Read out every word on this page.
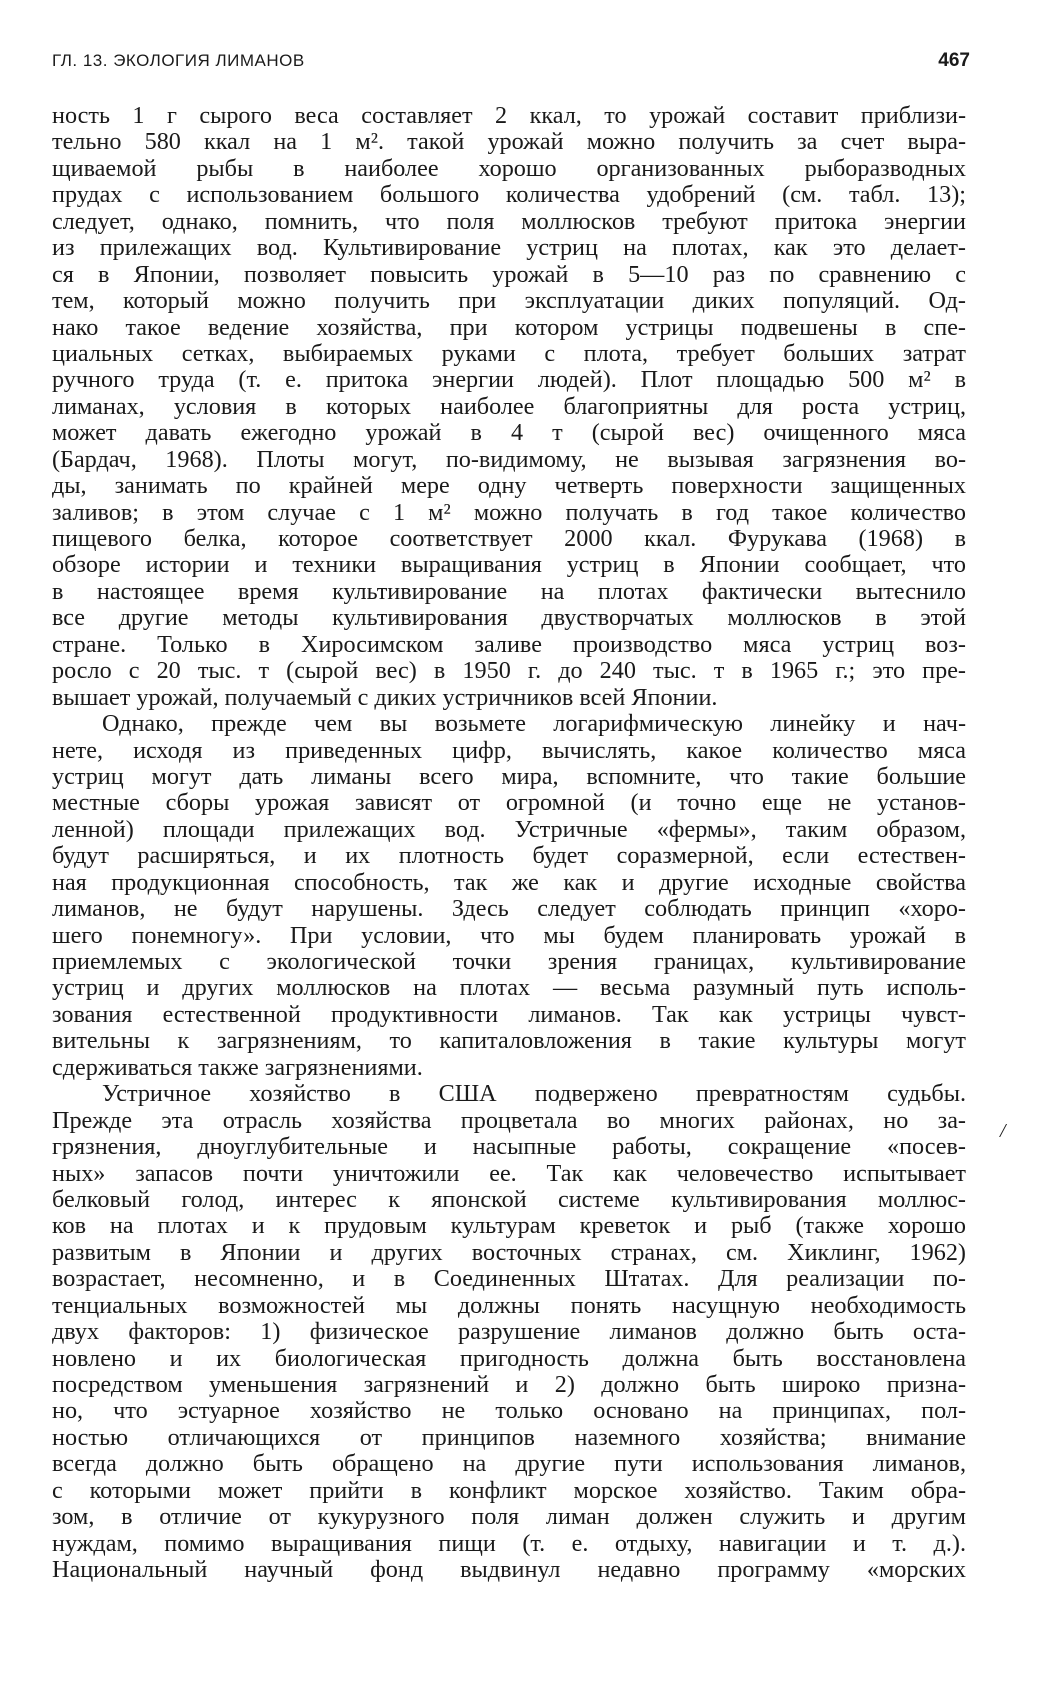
ГЛ. 13. ЭКОЛОГИЯ ЛИМАНОВ	467
ность 1 г сырого веса составляет 2 ккал, то урожай составит приблизи-
тельно 580 ккал на 1 м². такой урожай можно получить за счет выра-
щиваемой рыбы в наиболее хорошо организованных рыборазводных
прудах с использованием большого количества удобрений (см. табл. 13);
следует, однако, помнить, что поля моллюсков требуют притока энергии
из прилежащих вод. Культивирование устриц на плотах, как это делает-
ся в Японии, позволяет повысить урожай в 5—10 раз по сравнению с
тем, который можно получить при эксплуатации диких популяций. Од-
нако такое ведение хозяйства, при котором устрицы подвешены в спе-
циальных сетках, выбираемых руками с плота, требует больших затрат
ручного труда (т. е. притока энергии людей). Плот площадью 500 м² в
лиманах, условия в которых наиболее благоприятны для роста устриц,
может давать ежегодно урожай в 4 т (сырой вес) очищенного мяса
(Бардач, 1968). Плоты могут, по-видимому, не вызывая загрязнения во-
ды, занимать по крайней мере одну четверть поверхности защищенных
заливов; в этом случае с 1 м² можно получать в год такое количество
пищевого белка, которое соответствует 2000 ккал. Фурукава (1968) в
обзоре истории и техники выращивания устриц в Японии сообщает, что
в настоящее время культивирование на плотах фактически вытеснило
все другие методы культивирования двустворчатых моллюсков в этой
стране. Только в Хиросимском заливе производство мяса устриц воз-
росло с 20 тыс. т (сырой вес) в 1950 г. до 240 тыс. т в 1965 г.; это пре-
вышает урожай, получаемый с диких устричников всей Японии.
Однако, прежде чем вы возьмете логарифмическую линейку и нач-
нете, исходя из приведенных цифр, вычислять, какое количество мяса
устриц могут дать лиманы всего мира, вспомните, что такие большие
местные сборы урожая зависят от огромной (и точно еще не установ-
ленной) площади прилежащих вод. Устричные «фермы», таким образом,
будут расширяться, и их плотность будет соразмерной, если естествен-
ная продукционная способность, так же как и другие исходные свойства
лиманов, не будут нарушены. Здесь следует соблюдать принцип «хоро-
шего понемногу». При условии, что мы будем планировать урожай в
приемлемых с экологической точки зрения границах, культивирование
устриц и других моллюсков на плотах — весьма разумный путь исполь-
зования естественной продуктивности лиманов. Так как устрицы чувст-
вительны к загрязнениям, то капиталовложения в такие культуры могут
сдерживаться также загрязнениями.
Устричное хозяйство в США подвержено превратностям судьбы.
Прежде эта отрасль хозяйства процветала во многих районах, но за-
грязнения, дноуглубительные и насыпные работы, сокращение «посев-
ных» запасов почти уничтожили ее. Так как человечество испытывает
белковый голод, интерес к японской системе культивирования моллюс-
ков на плотах и к прудовым культурам креветок и рыб (также хорошо
развитым в Японии и других восточных странах, см. Хиклинг, 1962)
возрастает, несомненно, и в Соединенных Штатах. Для реализации по-
тенциальных возможностей мы должны понять насущную необходимость
двух факторов: 1) физическое разрушение лиманов должно быть оста-
новлено и их биологическая пригодность должна быть восстановлена
посредством уменьшения загрязнений и 2) должно быть широко призна-
но, что эстуарное хозяйство не только основано на принципах, пол-
ностью отличающихся от принципов наземного хозяйства; внимание
всегда должно быть обращено на другие пути использования лиманов,
с которыми может прийти в конфликт морское хозяйство. Таким обра-
зом, в отличие от кукурузного поля лиман должен служить и другим
нуждам, помимо выращивания пищи (т. е. отдыху, навигации и т. д.).
Национальный научный фонд выдвинул недавно программу «морских
/
